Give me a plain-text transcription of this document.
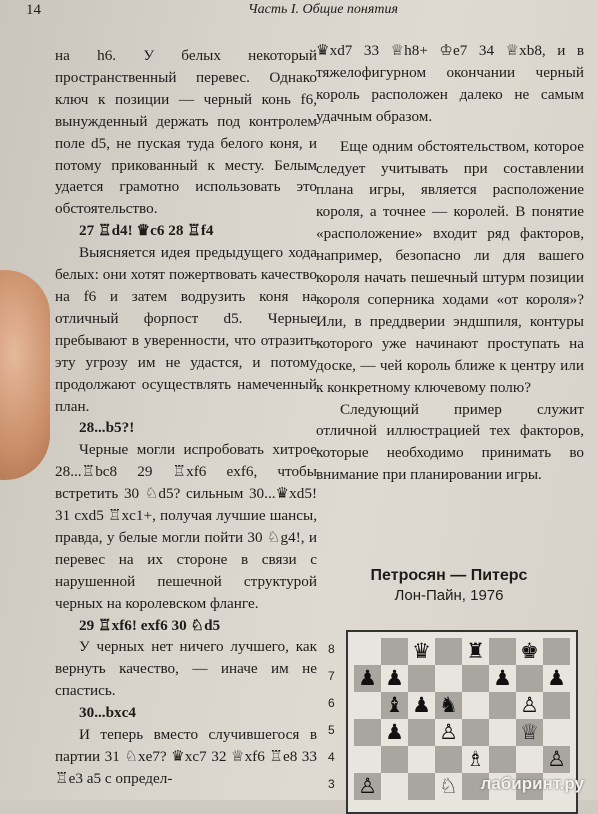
14	Часть I. Общие понятия

на h6. У белых некоторый пространственный перевес. Однако ключ к позиции — черный конь f6, вынужденный держать под контролем поле d5, не пуская туда белого коня, и потому прикованный к месту. Белым удается грамотно использовать это обстоятельство.

27 ♖d4! ♛c6 28 ♖f4

Выясняется идея предыдущего хода белых: они хотят пожертвовать качество на f6 и затем водрузить коня на отличный форпост d5. Черные пребывают в уверенности, что отразить эту угрозу им не удастся, и потому продолжают осуществлять намеченный план.

28...b5?!

Черные могли испробовать хитрое 28...♖bc8 29 ♖xf6 exf6, чтобы встретить 30 ♘d5? сильным 30...♛xd5! 31 cxd5 ♖xc1+, получая лучшие шансы, правда, у белые могли пойти 30 ♘g4!, и перевес на их стороне в связи с нарушенной пешечной структурой черных на королевском фланге.

29 ♖xf6! exf6 30 ♘d5

У черных нет ничего лучшего, как вернуть качество, — иначе им не спастись.

30...bxc4

И теперь вместо случившегося в партии 31 ♘xe7? ♛xc7 32 ♕xf6 ♖e8 33 ♖e3 a5 с определ-

♛xd7 33 ♕h8+ ♔e7 34 ♕xb8, и в тяжелофигурном окончании черный король расположен далеко не самым удачным образом.

Еще одним обстоятельством, которое следует учитывать при составлении плана игры, является расположение короля, а точнее — королей. В понятие «расположение» входит ряд факторов, например, безопасно ли для вашего короля начать пешечный штурм позиции короля соперника ходами «от короля»? Или, в преддверии эндшпиля, контуры которого уже начинают проступать на доске, — чей король ближе к центру или к конкретному ключевому полю?

Следующий пример служит отличной иллюстрацией тех факторов, которые необходимо принимать во внимание при планировании игры.

Петросян — Питерс
Лон-Пайн, 1976
8
7
6
5
4
3
♛ ♜ ♚
♟ ♟	♟ ♟
♝ ♟ ♞	♙
♟ ♙	♕
♗	♙
♙	♘ лабиринт.ру
